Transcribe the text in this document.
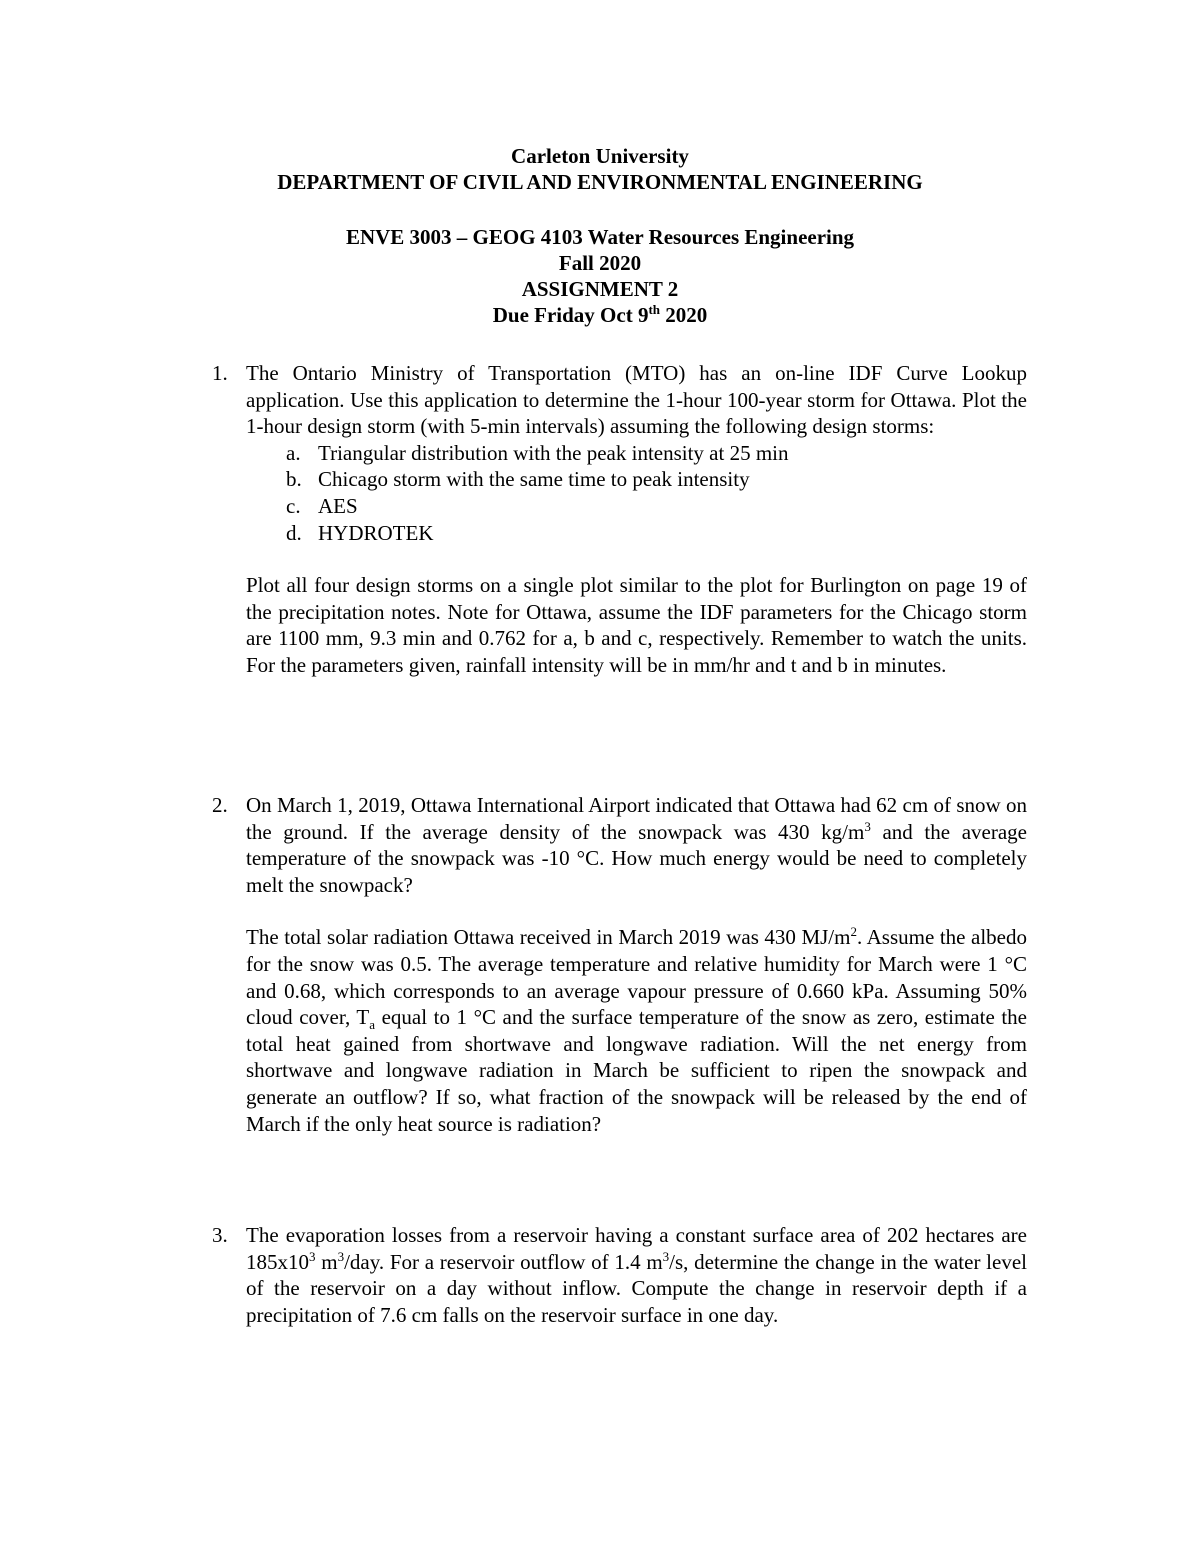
Carleton University
DEPARTMENT OF CIVIL AND ENVIRONMENTAL ENGINEERING
ENVE 3003 – GEOG 4103 Water Resources Engineering
Fall 2020
ASSIGNMENT 2
Due Friday Oct 9th 2020
1. The Ontario Ministry of Transportation (MTO) has an on-line IDF Curve Lookup application. Use this application to determine the 1-hour 100-year storm for Ottawa. Plot the 1-hour design storm (with 5-min intervals) assuming the following design storms:

a. Triangular distribution with the peak intensity at 25 min
b. Chicago storm with the same time to peak intensity
c. AES
d. HYDROTEK

Plot all four design storms on a single plot similar to the plot for Burlington on page 19 of the precipitation notes. Note for Ottawa, assume the IDF parameters for the Chicago storm are 1100 mm, 9.3 min and 0.762 for a, b and c, respectively. Remember to watch the units. For the parameters given, rainfall intensity will be in mm/hr and t and b in minutes.

2. On March 1, 2019, Ottawa International Airport indicated that Ottawa had 62 cm of snow on the ground. If the average density of the snowpack was 430 $kg/m^3$ and the average temperature of the snowpack was -10 °C. How much energy would be need to completely melt the snowpack?

The total solar radiation Ottawa received in March 2019 was 430 $MJ/m^2$. Assume the albedo for the snow was 0.5. The average temperature and relative humidity for March were 1 °C and 0.68, which corresponds to an average vapour pressure of 0.660 kPa. Assuming 50% cloud cover, $T_a$ equal to 1 °C and the surface temperature of the snow as zero, estimate the total heat gained from shortwave and longwave radiation. Will the net energy from shortwave and longwave radiation in March be sufficient to ripen the snowpack and generate an outflow? If so, what fraction of the snowpack will be released by the end of March if the only heat source is radiation?

3. The evaporation losses from a reservoir having a constant surface area of 202 hectares are $185x10^3$ $m^3$/day. For a reservoir outflow of 1.4 $m^3/s$, determine the change in the water level of the reservoir on a day without inflow. Compute the change in reservoir depth if a precipitation of 7.6 cm falls on the reservoir surface in one day.
